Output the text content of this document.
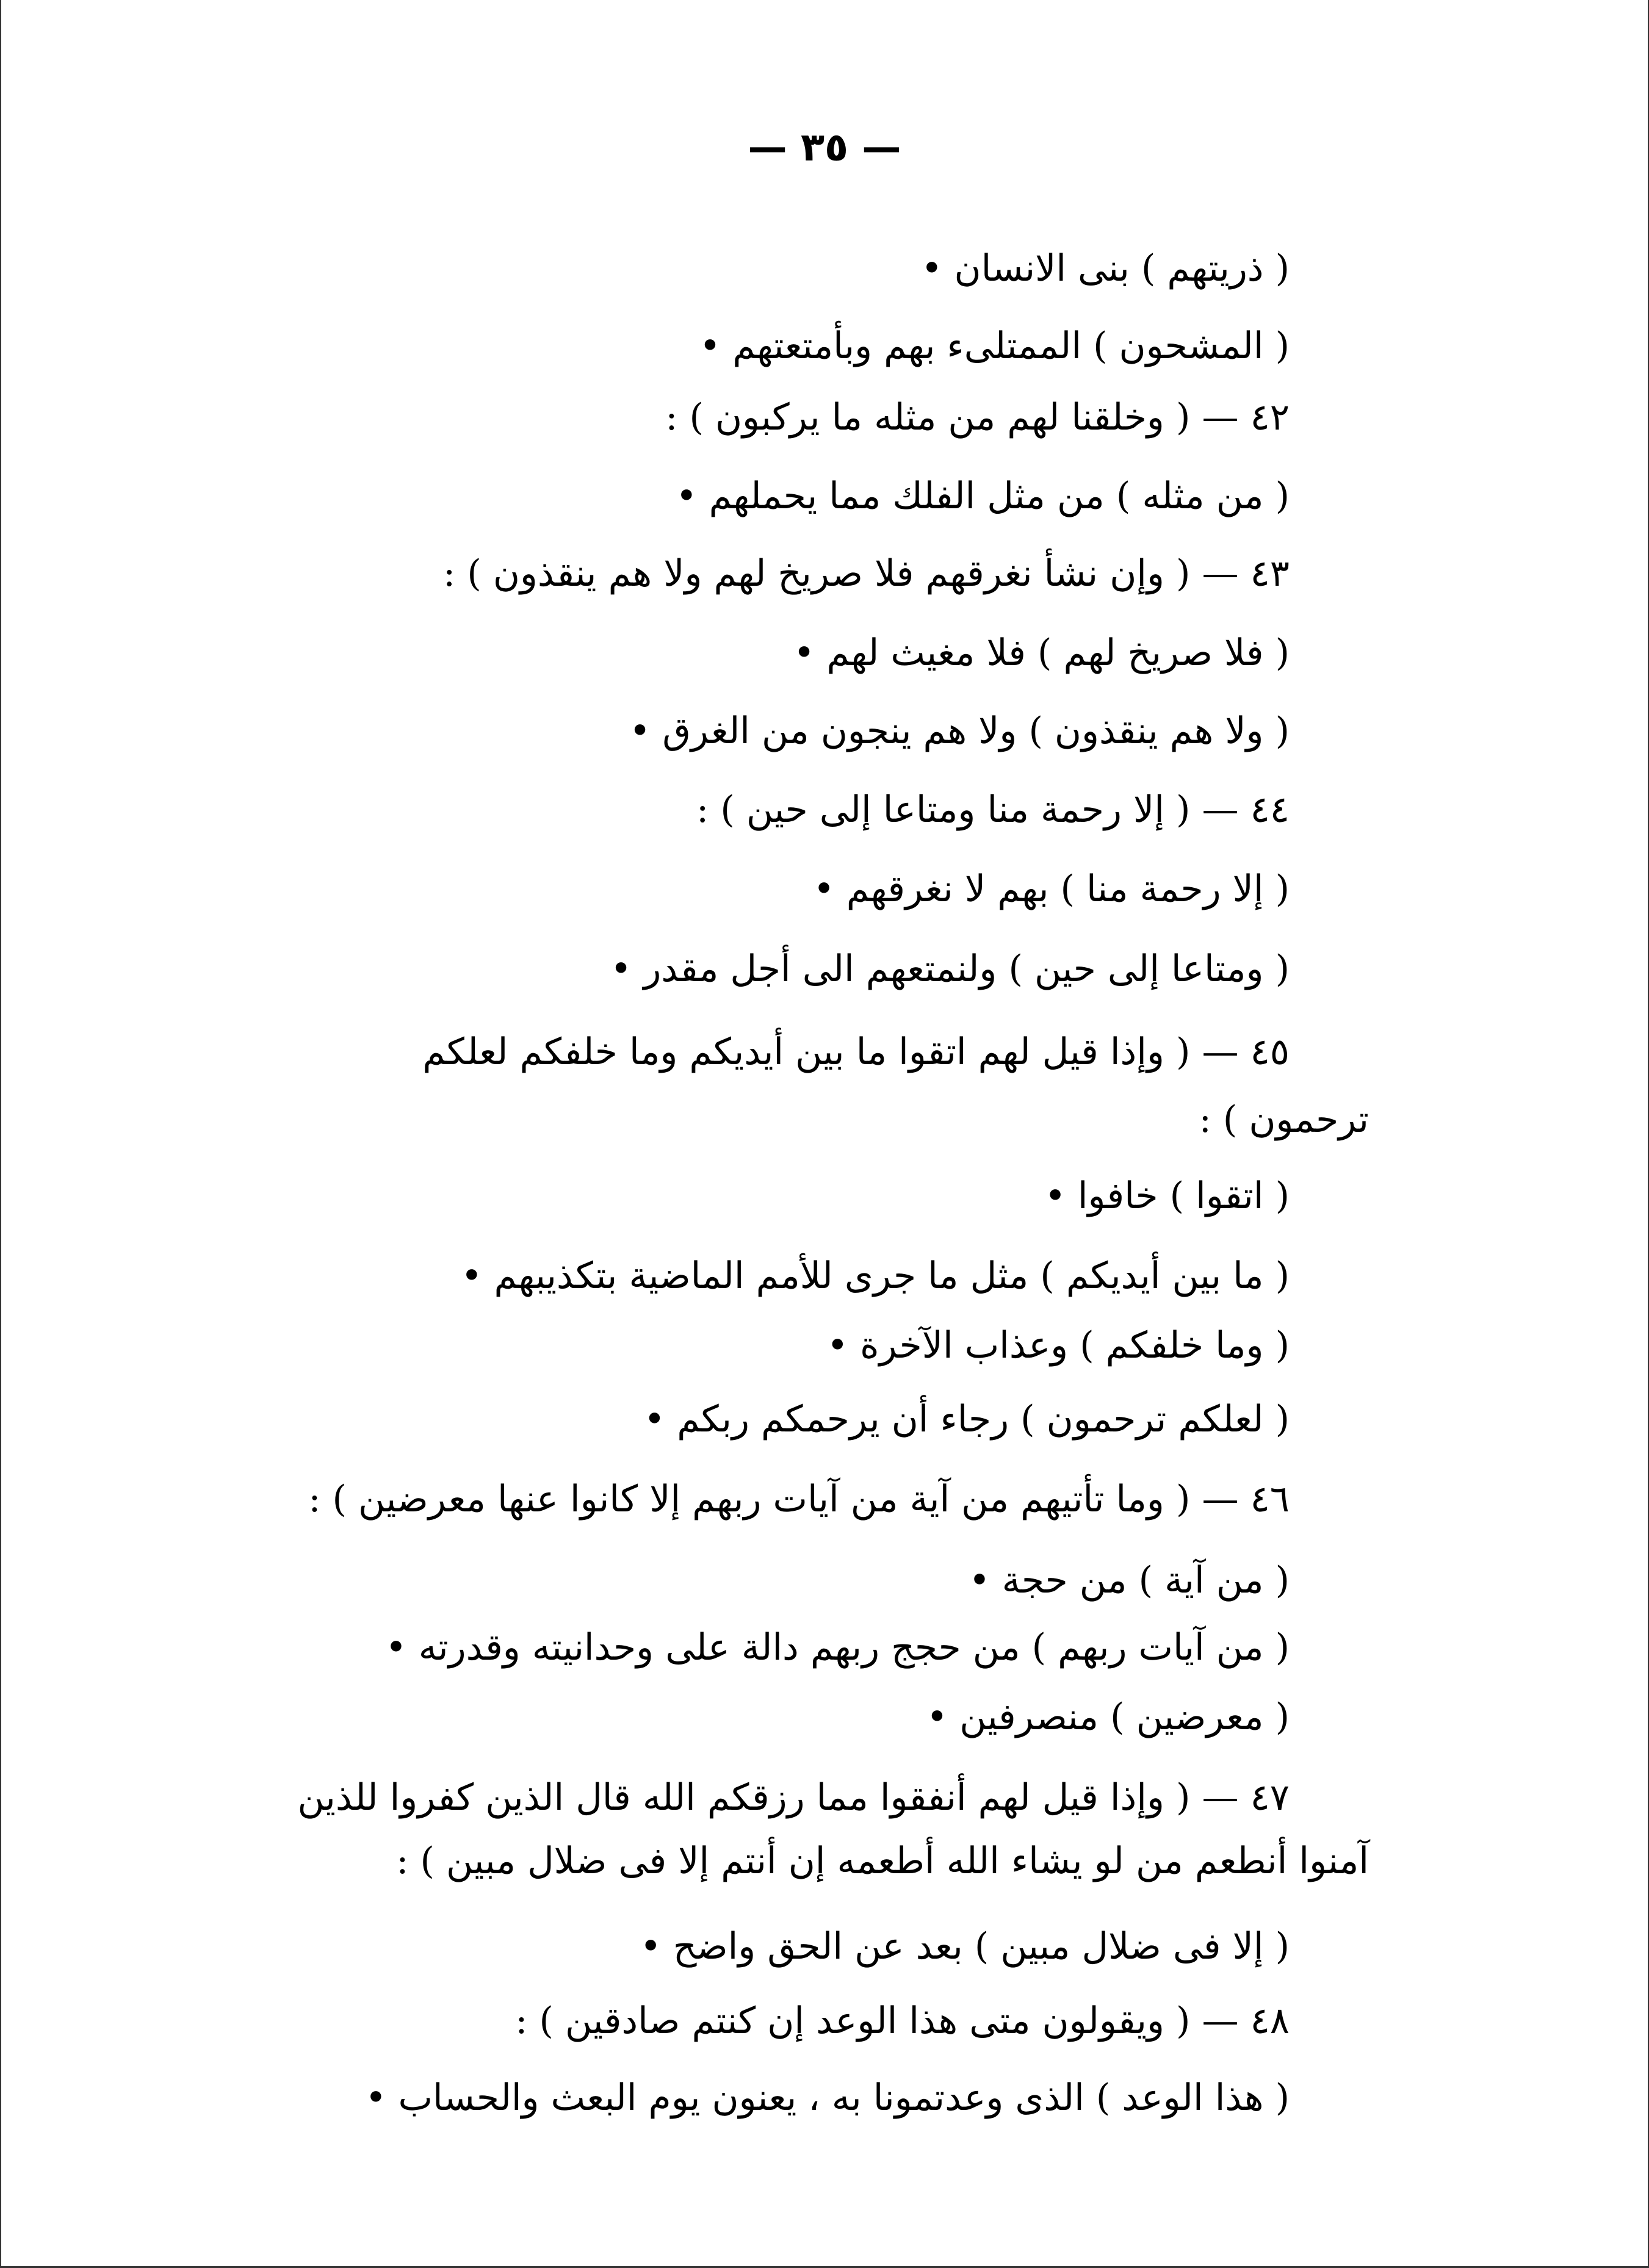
— ٣٥ —
( ذريتهم ) بنى الانسان •
( المشحون ) الممتلىء بهم وبأمتعتهم •
٤٢ — ( وخلقنا لهم من مثله ما يركبون ) :
( من مثله ) من مثل الفلك مما يحملهم •
٤٣ — ( وإن نشأ نغرقهم فلا صريخ لهم ولا هم ينقذون ) :
( فلا صريخ لهم ) فلا مغيث لهم •
( ولا هم ينقذون ) ولا هم ينجون من الغرق •
٤٤ — ( إلا رحمة منا ومتاعا إلى حين ) :
( إلا رحمة منا ) بهم لا نغرقهم •
( ومتاعا إلى حين ) ولنمتعهم الى أجل مقدر •
٤٥ — ( وإذا قيل لهم اتقوا ما بين أيديكم وما خلفكم لعلكم
ترحمون ) :
( اتقوا ) خافوا •
( ما بين أيديكم ) مثل ما جرى للأمم الماضية بتكذيبهم •
( وما خلفكم ) وعذاب الآخرة •
( لعلكم ترحمون ) رجاء أن يرحمكم ربكم •
٤٦ — ( وما تأتيهم من آية من آيات ربهم إلا كانوا عنها معرضين ) :
( من آية ) من حجة •
( من آيات ربهم ) من حجج ربهم دالة على وحدانيته وقدرته •
( معرضين ) منصرفين •
٤٧ — ( وإذا قيل لهم أنفقوا مما رزقكم الله قال الذين كفروا للذين
آمنوا أنطعم من لو يشاء الله أطعمه إن أنتم إلا فى ضلال مبين ) :
( إلا فى ضلال مبين ) بعد عن الحق واضح •
٤٨ — ( ويقولون متى هذا الوعد إن كنتم صادقين ) :
( هذا الوعد ) الذى وعدتمونا به ، يعنون يوم البعث والحساب •
